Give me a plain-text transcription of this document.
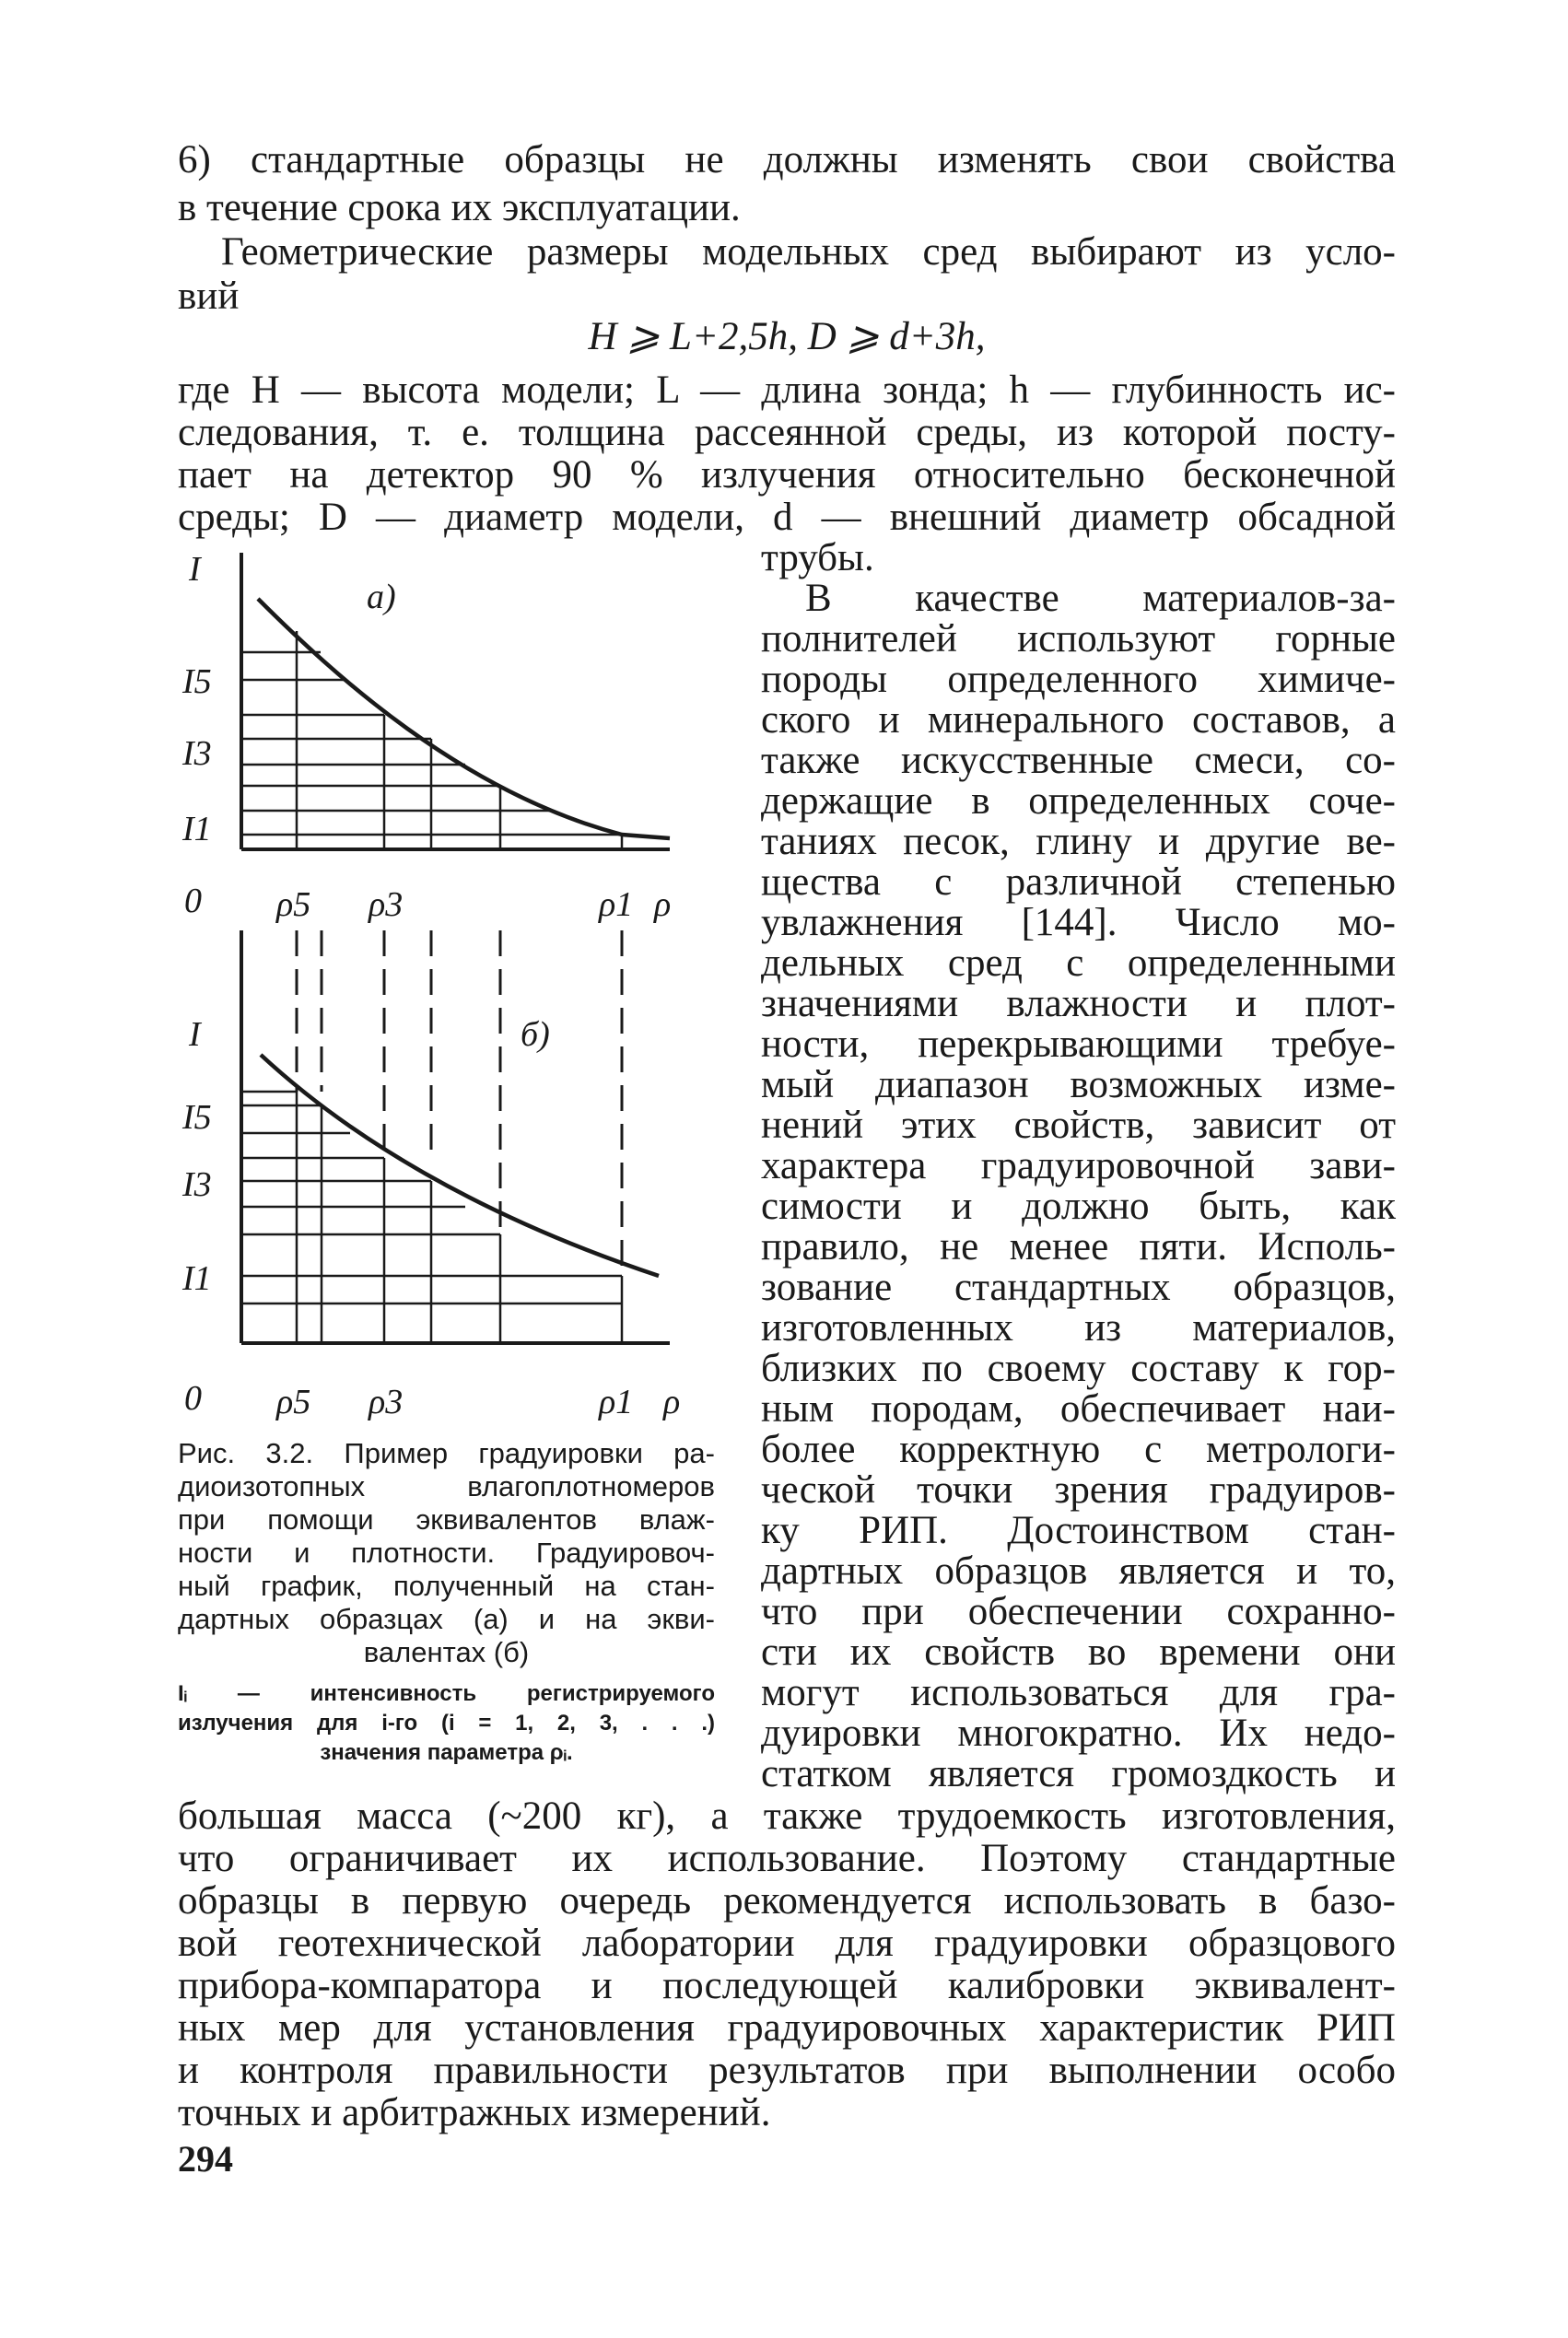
6) стандартные образцы не должны изменять свои свойства
в течение срока их эксплуатации.
Геометрические размеры модельных сред выбирают из усло-
вий
H ⩾ L+2,5h, D ⩾ d+3h,
где H — высота модели; L — длина зонда; h — глубинность ис-
следования, т. е. толщина рассеянной среды, из которой посту-
пает на детектор 90 % излучения относительно бесконечной
среды; D — диаметр модели, d — внешний диаметр обсадной
трубы.
В качестве материалов-за-
полнителей используют горные
породы определенного химиче-
ского и минерального составов, а
также искусственные смеси, со-
держащие в определенных соче-
таниях песок, глину и другие ве-
щества с различной степенью
увлажнения [144]. Число мо-
дельных сред с определенными
значениями влажности и плот-
ности, перекрывающими требуе-
мый диапазон возможных изме-
нений этих свойств, зависит от
характера градуировочной зави-
симости и должно быть, как
правило, не менее пяти. Исполь-
зование стандартных образцов,
изготовленных из материалов,
близких по своему составу к гор-
ным породам, обеспечивает наи-
более корректную с метрологи-
ческой точки зрения градуиров-
ку РИП. Достоинством стан-
дартных образцов является и то,
что при обеспечении сохранно-
сти их свойств во времени они
могут использоваться для гра-
дуировки многократно. Их недо-
статком является громоздкость и
I
а)
I5
I3
I1
0 ρ5 ρ3	ρ1 ρ
I	б)
I5
I3
I1
0 ρ5 ρ3	ρ1 ρ
Рис. 3.2. Пример градуировки ра-
диоизотопных влагоплотномеров
при помощи эквивалентов влаж-
ности и плотности. Градуировоч-
ный график, полученный на стан-
дартных образцах (а) и на экви-
валентах (б)
Iᵢ — интенсивность регистрируемого
излучения для i-го (i = 1, 2, 3, . . .)
значения параметра ρᵢ.
большая масса (~200 кг), а также трудоемкость изготовления,
что ограничивает их использование. Поэтому стандартные
образцы в первую очередь рекомендуется использовать в базо-
вой геотехнической лаборатории для градуировки образцового
прибора-компаратора и последующей калибровки эквивалент-
ных мер для установления градуировочных характеристик РИП
и контроля правильности результатов при выполнении особо
точных и арбитражных измерений.
294
